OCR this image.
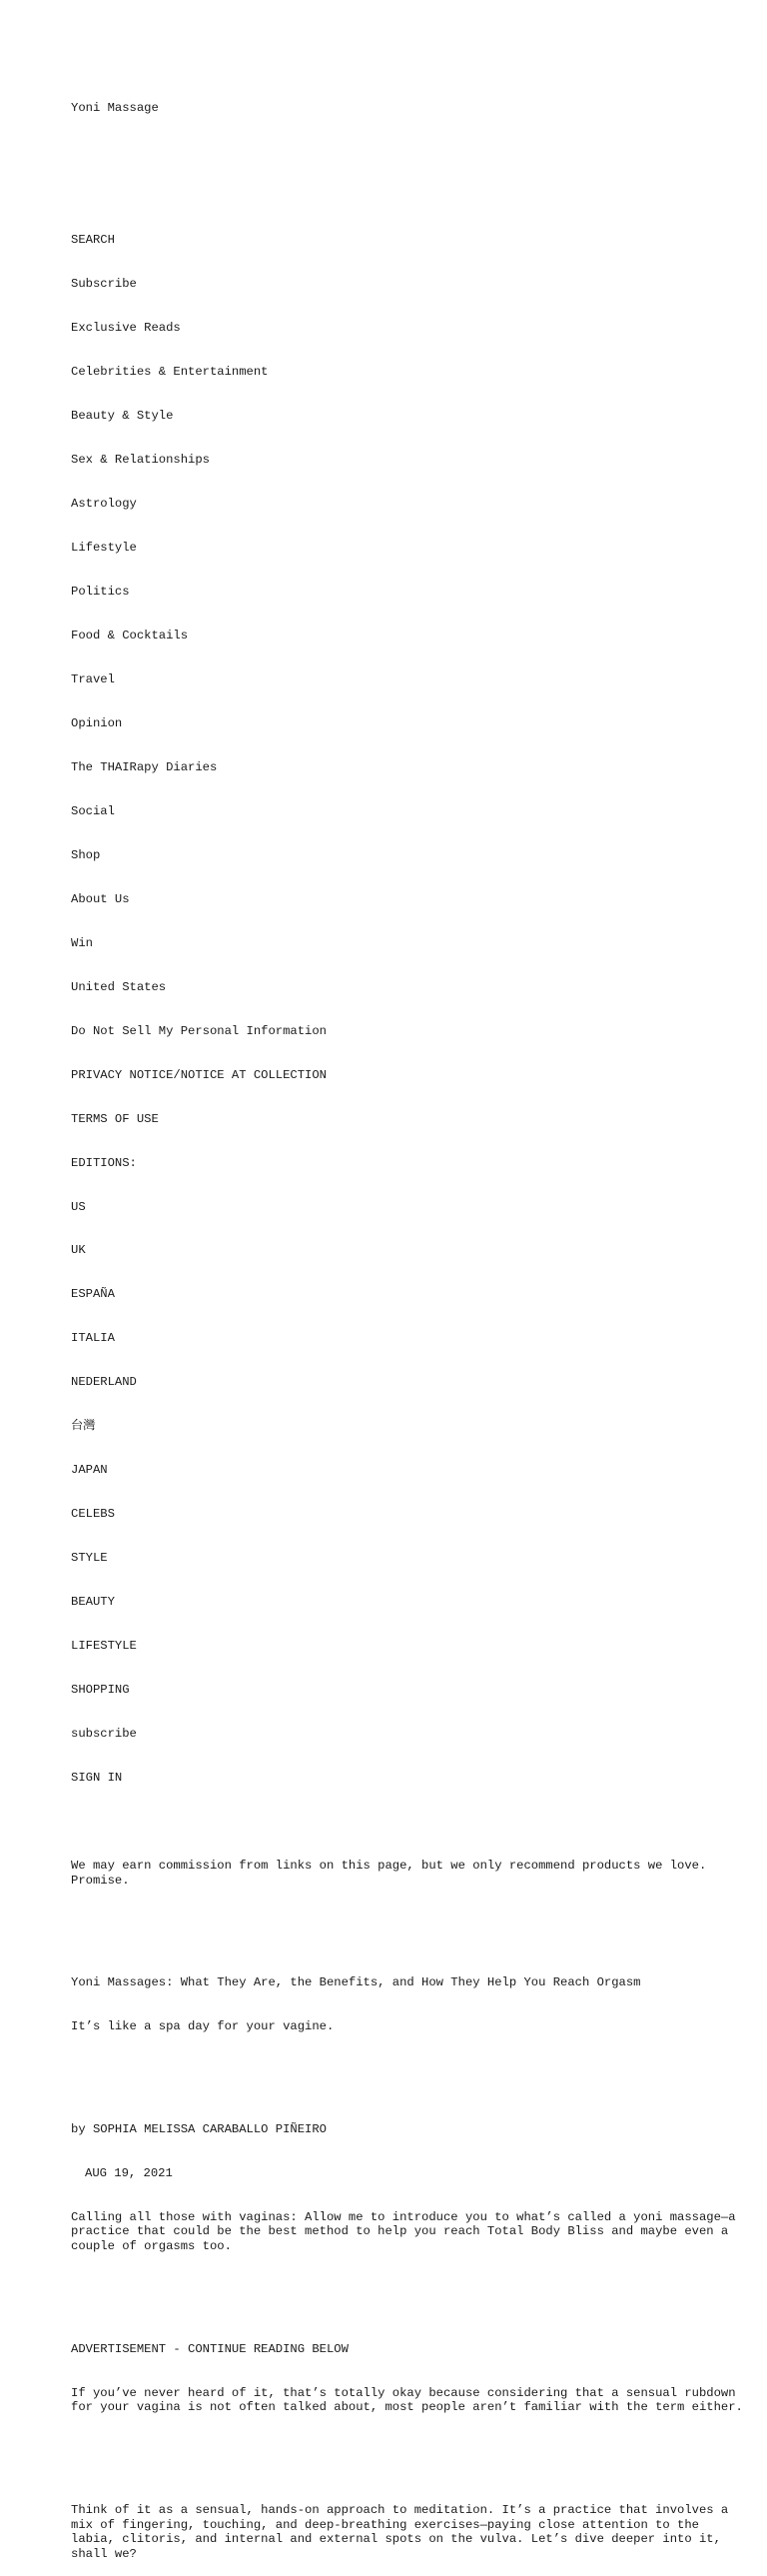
Yoni Massage

SEARCH

Subscribe

Exclusive Reads

Celebrities & Entertainment

Beauty & Style

Sex & Relationships

Astrology

Lifestyle

Politics

Food & Cocktails

Travel

Opinion

The THAIRapy Diaries

Social

Shop

About Us

Win

United States

Do Not Sell My Personal Information

PRIVACY NOTICE/NOTICE AT COLLECTION

TERMS OF USE

EDITIONS:

US

UK

ESPAÑA

ITALIA

NEDERLAND

台灣

JAPAN

CELEBS

STYLE

BEAUTY

LIFESTYLE

SHOPPING

subscribe

SIGN IN

We may earn commission from links on this page, but we only recommend products we love. Promise.

Yoni Massages: What They Are, the Benefits, and How They Help You Reach Orgasm

It’s like a spa day for your vagine.

by SOPHIA MELISSA CARABALLO PIÑEIRO

AUG 19, 2021

Calling all those with vaginas: Allow me to introduce you to what’s called a yoni massage—a practice that could be the best method to help you reach Total Body Bliss and maybe even a couple of orgasms too.

ADVERTISEMENT - CONTINUE READING BELOW

If you’ve never heard of it, that’s totally okay because considering that a sensual rubdown for your vagina is not often talked about, most people aren’t familiar with the term either.

Think of it as a sensual, hands-on approach to meditation. It’s a practice that involves a mix of fingering, touching, and deep-breathing exercises—paying close attention to the labia, clitoris, and internal and external spots on the vulva. Let’s dive deeper into it, shall we?
